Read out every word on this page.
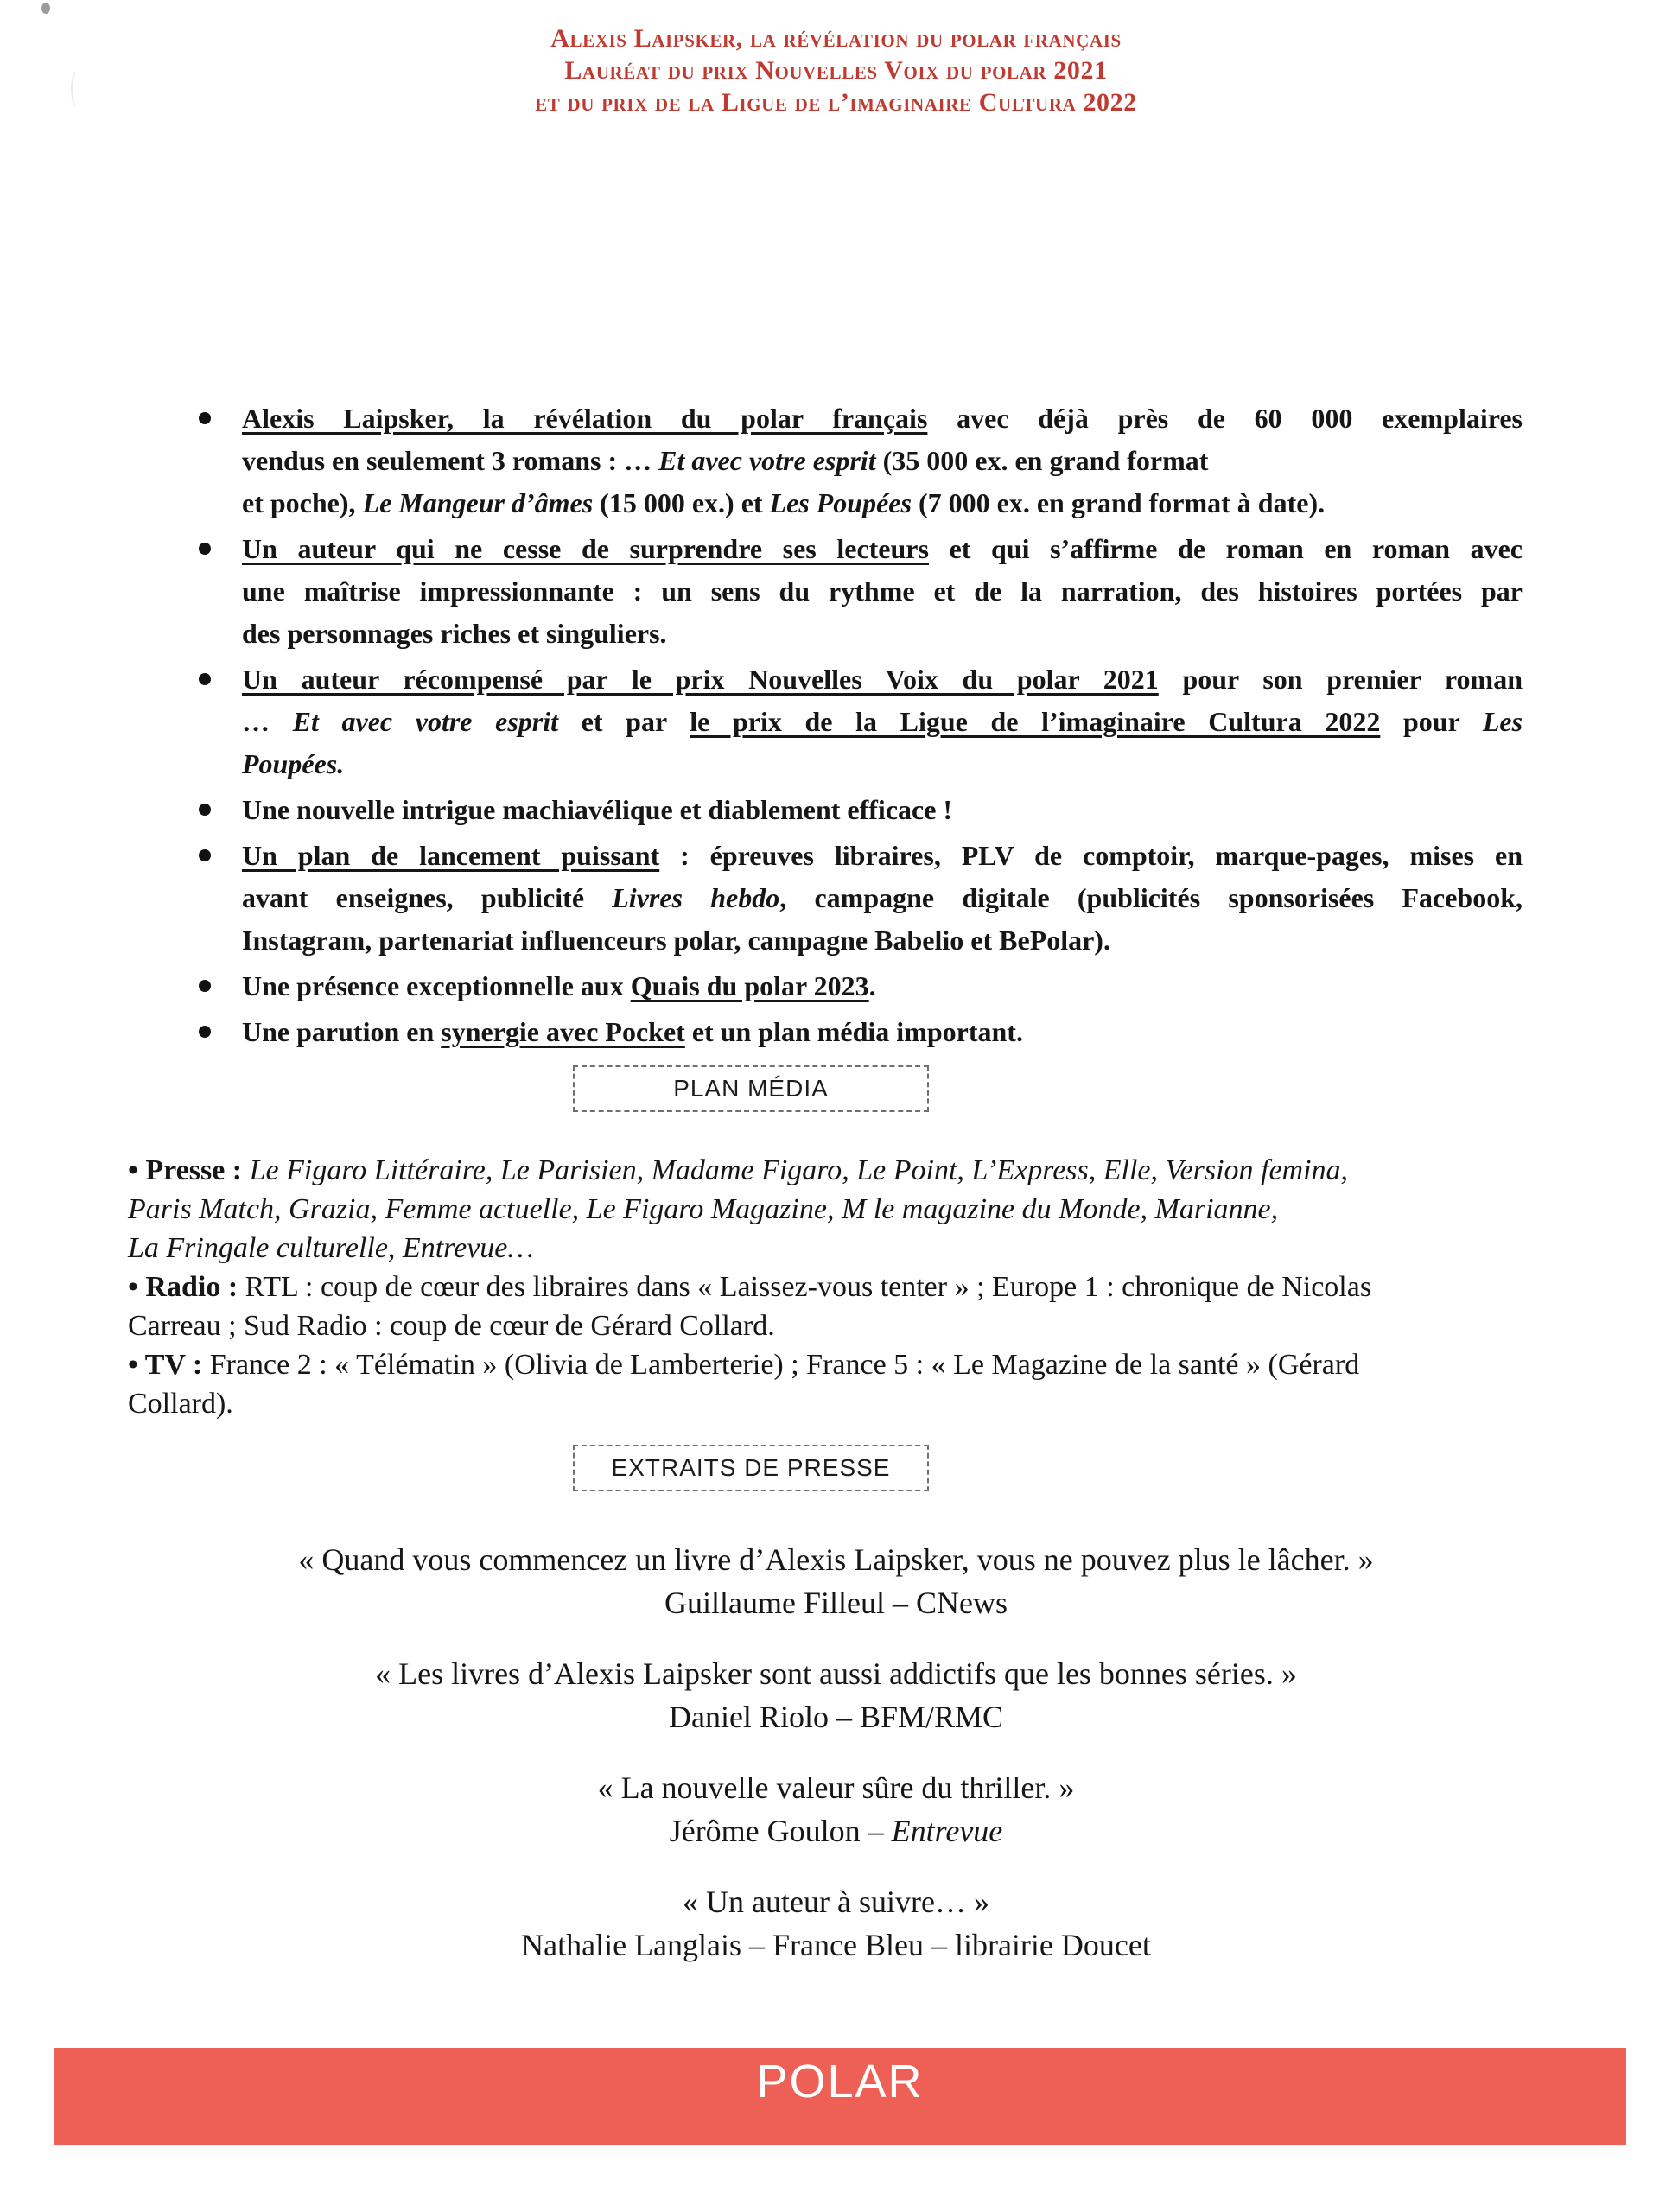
Alexis Laipsker, la révélation du polar français
Lauréat du prix Nouvelles Voix du polar 2021
et du prix de la Ligue de l’imaginaire Cultura 2022
Alexis Laipsker, la révélation du polar français avec déjà près de 60 000 exemplaires
vendus en seulement 3 romans : … Et avec votre esprit (35 000 ex. en grand format
et poche), Le Mangeur d’âmes (15 000 ex.) et Les Poupées (7 000 ex. en grand format à date).
Un auteur qui ne cesse de surprendre ses lecteurs et qui s’affirme de roman en roman avec
une maîtrise impressionnante : un sens du rythme et de la narration, des histoires portées par
des personnages riches et singuliers.
Un auteur récompensé par le prix Nouvelles Voix du polar 2021 pour son premier roman
… Et avec votre esprit et par le prix de la Ligue de l’imaginaire Cultura 2022 pour Les
Poupées.
Une nouvelle intrigue machiavélique et diablement efficace !
Un plan de lancement puissant : épreuves libraires, PLV de comptoir, marque-pages, mises en
avant enseignes, publicité Livres hebdo, campagne digitale (publicités sponsorisées Facebook,
Instagram, partenariat influenceurs polar, campagne Babelio et BePolar).
Une présence exceptionnelle aux Quais du polar 2023.
Une parution en synergie avec Pocket et un plan média important.
PLAN MÉDIA
• Presse : Le Figaro Littéraire, Le Parisien, Madame Figaro, Le Point, L’Express, Elle, Version femina,
Paris Match, Grazia, Femme actuelle, Le Figaro Magazine, M le magazine du Monde, Marianne,
La Fringale culturelle, Entrevue…
• Radio : RTL : coup de cœur des libraires dans « Laissez-vous tenter » ; Europe 1 : chronique de Nicolas
Carreau ; Sud Radio : coup de cœur de Gérard Collard.
• TV : France 2 : « Télématin » (Olivia de Lamberterie) ; France 5 : « Le Magazine de la santé » (Gérard
Collard).
EXTRAITS DE PRESSE
« Quand vous commencez un livre d’Alexis Laipsker, vous ne pouvez plus le lâcher. »
Guillaume Filleul – CNews
« Les livres d’Alexis Laipsker sont aussi addictifs que les bonnes séries. »
Daniel Riolo – BFM/RMC
« La nouvelle valeur sûre du thriller. »
Jérôme Goulon – Entrevue
« Un auteur à suivre… »
Nathalie Langlais – France Bleu – librairie Doucet
POLAR
